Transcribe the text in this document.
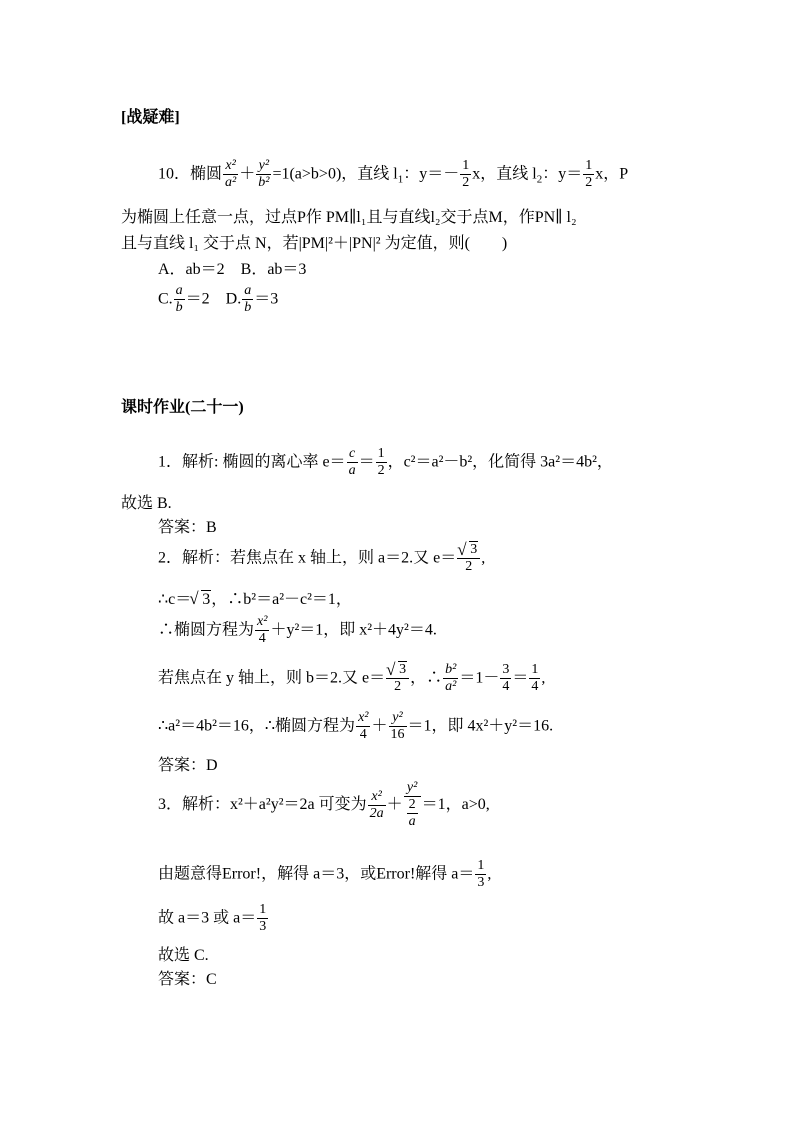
[战疑难]
10．椭圆 $\frac{\text{x²}}{\text{a²}} + \frac{\text{y²}}{\text{b²}} =1(a>b>0)$，直线 $l_1$：$y=- \frac{1}{2}$ x，直线 $l_2$：$y= \frac{1}{2}$ x，P
为椭圆上任意一点，过点P作 PM∥l₁且与直线l₂交于点M，作PN∥ l₂
且与直线 l₁ 交于点 N，若|PM|²＋|PN|² 为定值，则(　　)
A．ab＝2　B．ab＝3
C. $\frac{a}{b} =2$　D. $\frac{a}{b} =3$
课时作业(二十一)
1．解析: 椭圆的离心率 $e= \frac{c}{a} = \frac{1}{2}$ ，c²＝a²－b²，化简得 3a²＝4b²，
故选 B.
答案：B
2．解析：若焦点在 x 轴上，则 a＝2.又 e＝ √ $\frac{3}{2}$ ,
∴c＝ √ 3，∴b²＝a²－c²＝1，
∴椭圆方程为 $\frac{\text{x²}}{4} +y^2=1$，即 x²＋4y²＝4.
若焦点在 y 轴上，则 b＝2.又 e＝ √ $\frac{3}{2}$ ，∴ $\frac{\text{b²}}{\text{a²}} =1- \frac{3}{4} = \frac{1}{4}$ ,
∴a²＝4b²＝16，∴椭圆方程为 $\frac{\text{x²}}{4} + \frac{\text{y²}}{16} =1$，即 4x²＋y²＝16.
答案：D
3．解析：x²＋a²y²＝2a 可变为 $\frac{\text{x²}}{2a} + \frac{\text{y²}}{\frac{2}{a}} =1$，a>0,
由题意得Error!，解得 a＝3，或Error!解得 $a= \frac{1}{3}$ ,
故 a＝3 或 $a= \frac{1}{3}$
故选 C.
答案：C
